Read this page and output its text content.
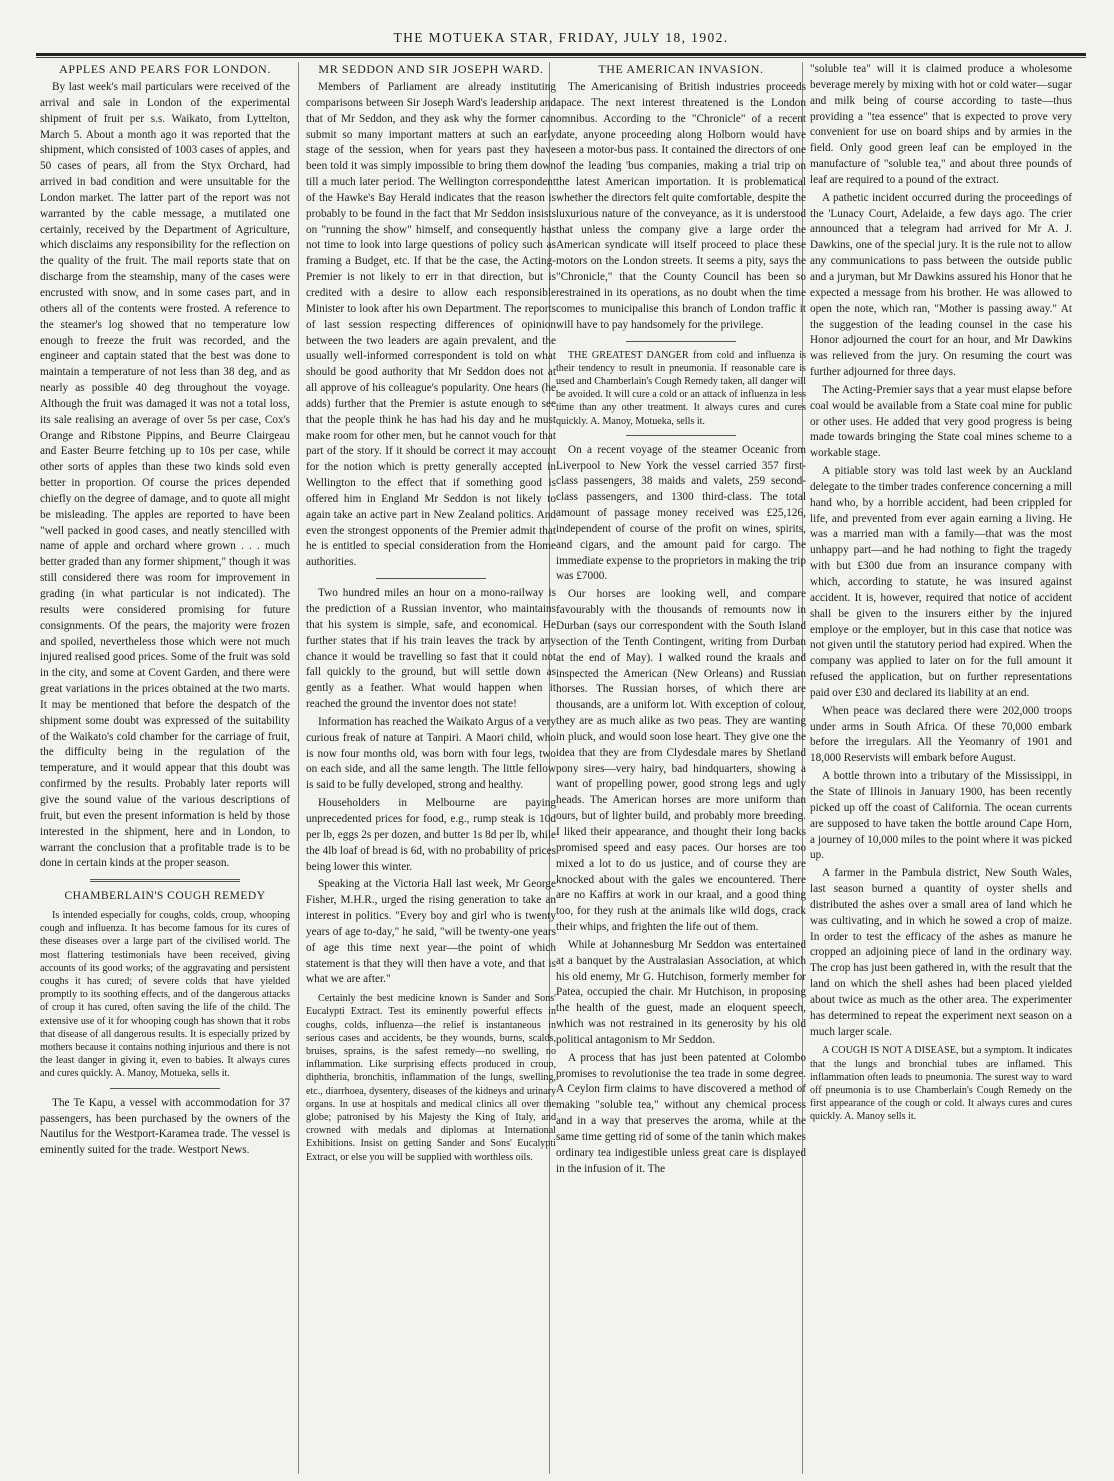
THE MOTUEKA STAR, FRIDAY, JULY 18, 1902.
APPLES AND PEARS FOR LONDON.

By last week's mail particulars were received of the arrival and sale in London of the experimental shipment of fruit per s.s. Waikato, from Lyttelton, March 5. About a month ago it was reported that the shipment, which consisted of 1003 cases of apples, and 50 cases of pears, all from the Styx Orchard, had arrived in bad condition and were unsuitable for the London market. The latter part of the report was not warranted by the cable message, a mutilated one certainly, received by the Department of Agriculture, which disclaims any responsibility for the reflection on the quality of the fruit. The mail reports state that on discharge from the steamship, many of the cases were encrusted with snow, and in some cases part, and in others all of the contents were frosted. A reference to the steamer's log showed that no temperature low enough to freeze the fruit was recorded, and the engineer and captain stated that the best was done to maintain a temperature of not less than 38 deg, and as nearly as possible 40 deg throughout the voyage. Although the fruit was damaged it was not a total loss, its sale realising an average of over 5s per case, Cox's Orange and Ribstone Pippins, and Beurre Clairgeau and Easter Beurre fetching up to 10s per case, while other sorts of apples than these two kinds sold even better in proportion. Of course the prices depended chiefly on the degree of damage, and to quote all might be misleading. The apples are reported to have been "well packed in good cases, and neatly stencilled with name of apple and orchard where grown . . . much better graded than any former shipment," though it was still considered there was room for improvement in grading (in what particular is not indicated). The results were considered promising for future consignments. Of the pears, the majority were frozen and spoiled, nevertheless those which were not much injured realised good prices. Some of the fruit was sold in the city, and some at Covent Garden, and there were great variations in the prices obtained at the two marts. It may be mentioned that before the despatch of the shipment some doubt was expressed of the suitability of the Waikato's cold chamber for the carriage of fruit, the difficulty being in the regulation of the temperature, and it would appear that this doubt was confirmed by the results. Probably later reports will give the sound value of the various descriptions of fruit, but even the present information is held by those interested in the shipment, here and in London, to warrant the conclusion that a profitable trade is to be done in certain kinds at the proper season.

CHAMBERLAIN'S COUGH REMEDY

Is intended especially for coughs, colds, croup, whooping cough and influenza. It has become famous for its cures of these diseases over a large part of the civilised world. The most flattering testimonials have been received, giving accounts of its good works; of the aggravating and persistent coughs it has cured; of severe colds that have yielded promptly to its soothing effects, and of the dangerous attacks of croup it has cured, often saving the life of the child. The extensive use of it for whooping cough has shown that it robs that disease of all dangerous results. It is especially prized by mothers because it contains nothing injurious and there is not the least danger in giving it, even to babies. It always cures and cures quickly. A. Manoy, Motueka, sells it.

The Te Kapu, a vessel with accommodation for 37 passengers, has been purchased by the owners of the Nautilus for the Westport-Karamea trade. The vessel is eminently suited for the trade. Westport News.

MR SEDDON AND SIR JOSEPH WARD.

Members of Parliament are already instituting comparisons between Sir Joseph Ward's leadership and that of Mr Seddon, and they ask why the former can submit so many important matters at such an early stage of the session, when for years past they have been told it was simply impossible to bring them down till a much later period. The Wellington correspondent of the Hawke's Bay Herald indicates that the reason is probably to be found in the fact that Mr Seddon insists on "running the show" himself, and consequently has not time to look into large questions of policy such as framing a Budget, etc. If that be the case, the Acting-Premier is not likely to err in that direction, but is credited with a desire to allow each responsible Minister to look after his own Department. The reports of last session respecting differences of opinion between the two leaders are again prevalent, and the usually well-informed correspondent is told on what should be good authority that Mr Seddon does not at all approve of his colleague's popularity. One hears (he adds) further that the Premier is astute enough to see that the people think he has had his day and he must make room for other men, but he cannot vouch for that part of the story. If it should be correct it may account for the notion which is pretty generally accepted in Wellington to the effect that if something good is offered him in England Mr Seddon is not likely to again take an active part in New Zealand politics. And even the strongest opponents of the Premier admit that he is entitled to special consideration from the Home authorities.

Two hundred miles an hour on a mono-railway is the prediction of a Russian inventor, who maintains that his system is simple, safe, and economical. He further states that if his train leaves the track by any chance it would be travelling so fast that it could not fall quickly to the ground, but will settle down as gently as a feather. What would happen when it reached the ground the inventor does not state!

Information has reached the Waikato Argus of a very curious freak of nature at Tanpiri. A Maori child, who is now four months old, was born with four legs, two on each side, and all the same length. The little fellow is said to be fully developed, strong and healthy.

Householders in Melbourne are paying unprecedented prices for food, e.g., rump steak is 10d per lb, eggs 2s per dozen, and butter 1s 8d per lb, while the 4lb loaf of bread is 6d, with no probability of prices being lower this winter.

Speaking at the Victoria Hall last week, Mr George Fisher, M.H.R., urged the rising generation to take an interest in politics. "Every boy and girl who is twenty years of age to-day," he said, "will be twenty-one years of age this time next year—the point of which statement is that they will then have a vote, and that is what we are after."

Certainly the best medicine known is Sander and Sons' Eucalypti Extract. Test its eminently powerful effects in coughs, colds, influenza—the relief is instantaneous in serious cases and accidents, be they wounds, burns, scalds, bruises, sprains, is the safest remedy—no swelling, no inflammation. Like surprising effects produced in croup, diphtheria, bronchitis, inflammation of the lungs, swelling, etc., diarrhoea, dysentery, diseases of the kidneys and urinary organs. In use at hospitals and medical clinics all over the globe; patronised by his Majesty the King of Italy, and crowned with medals and diplomas at International Exhibitions. Insist on getting Sander and Sons' Eucalypti Extract, or else you will be supplied with worthless oils.

THE AMERICAN INVASION.

The Americanising of British industries proceeds apace. The next interest threatened is the London omnibus. According to the "Chronicle" of a recent date, anyone proceeding along Holborn would have seen a motor-bus pass. It contained the directors of one of the leading 'bus companies, making a trial trip on the latest American importation. It is problematical whether the directors felt quite comfortable, despite the luxurious nature of the conveyance, as it is understood that unless the company give a large order the American syndicate will itself proceed to place these motors on the London streets. It seems a pity, says the "Chronicle," that the County Council has been so restrained in its operations, as no doubt when the time comes to municipalise this branch of London traffic it will have to pay handsomely for the privilege.

THE GREATEST DANGER from cold and influenza is their tendency to result in pneumonia. If reasonable care is used and Chamberlain's Cough Remedy taken, all danger will be avoided. It will cure a cold or an attack of influenza in less time than any other treatment. It always cures and cures quickly. A. Manoy, Motueka, sells it.

On a recent voyage of the steamer Oceanic from Liverpool to New York the vessel carried 357 first-class passengers, 38 maids and valets, 259 second-class passengers, and 1300 third-class. The total amount of passage money received was £25,126, independent of course of the profit on wines, spirits, and cigars, and the amount paid for cargo. The immediate expense to the proprietors in making the trip was £7000.

Our horses are looking well, and compare favourably with the thousands of remounts now in Durban (says our correspondent with the South Island section of the Tenth Contingent, writing from Durban at the end of May). I walked round the kraals and inspected the American (New Orleans) and Russian horses. The Russian horses, of which there are thousands, are a uniform lot. With exception of colour, they are as much alike as two peas. They are wanting in pluck, and would soon lose heart. They give one the idea that they are from Clydesdale mares by Shetland pony sires—very hairy, bad hindquarters, showing a want of propelling power, good strong legs and ugly heads. The American horses are more uniform than ours, but of lighter build, and probably more breeding. I liked their appearance, and thought their long backs promised speed and easy paces. Our horses are too mixed a lot to do us justice, and of course they are knocked about with the gales we encountered. There are no Kaffirs at work in our kraal, and a good thing too, for they rush at the animals like wild dogs, crack their whips, and frighten the life out of them.

While at Johannesburg Mr Seddon was entertained at a banquet by the Australasian Association, at which his old enemy, Mr G. Hutchison, formerly member for Patea, occupied the chair. Mr Hutchison, in proposing the health of the guest, made an eloquent speech, which was not restrained in its generosity by his old political antagonism to Mr Seddon.

A process that has just been patented at Colombo promises to revolutionise the tea trade in some degree. A Ceylon firm claims to have discovered a method of making "soluble tea," without any chemical process and in a way that preserves the aroma, while at the same time getting rid of some of the tanin which makes ordinary tea indigestible unless great care is displayed in the infusion of it. The

"soluble tea" will it is claimed produce a wholesome beverage merely by mixing with hot or cold water—sugar and milk being of course according to taste—thus providing a "tea essence" that is expected to prove very convenient for use on board ships and by armies in the field. Only good green leaf can be employed in the manufacture of "soluble tea," and about three pounds of leaf are required to a pound of the extract.

A pathetic incident occurred during the proceedings of the 'Lunacy Court, Adelaide, a few days ago. The crier announced that a telegram had arrived for Mr A. J. Dawkins, one of the special jury. It is the rule not to allow any communications to pass between the outside public and a juryman, but Mr Dawkins assured his Honor that he expected a message from his brother. He was allowed to open the note, which ran, "Mother is passing away." At the suggestion of the leading counsel in the case his Honor adjourned the court for an hour, and Mr Dawkins was relieved from the jury. On resuming the court was further adjourned for three days.

The Acting-Premier says that a year must elapse before coal would be available from a State coal mine for public or other uses. He added that very good progress is being made towards bringing the State coal mines scheme to a workable stage.

A pitiable story was told last week by an Auckland delegate to the timber trades conference concerning a mill hand who, by a horrible accident, had been crippled for life, and prevented from ever again earning a living. He was a married man with a family—that was the most unhappy part—and he had nothing to fight the tragedy with but £300 due from an insurance company with which, according to statute, he was insured against accident. It is, however, required that notice of accident shall be given to the insurers either by the injured employe or the employer, but in this case that notice was not given until the statutory period had expired. When the company was applied to later on for the full amount it refused the application, but on further representations paid over £30 and declared its liability at an end.

When peace was declared there were 202,000 troops under arms in South Africa. Of these 70,000 embark before the irregulars. All the Yeomanry of 1901 and 18,000 Reservists will embark before August.

A bottle thrown into a tributary of the Mississippi, in the State of Illinois in January 1900, has been recently picked up off the coast of California. The ocean currents are supposed to have taken the bottle around Cape Horn, a journey of 10,000 miles to the point where it was picked up.

A farmer in the Pambula district, New South Wales, last season burned a quantity of oyster shells and distributed the ashes over a small area of land which he was cultivating, and in which he sowed a crop of maize. In order to test the efficacy of the ashes as manure he cropped an adjoining piece of land in the ordinary way. The crop has just been gathered in, with the result that the land on which the shell ashes had been placed yielded about twice as much as the other area. The experimenter has determined to repeat the experiment next season on a much larger scale.

A COUGH IS NOT A DISEASE, but a symptom. It indicates that the lungs and bronchial tubes are inflamed. This inflammation often leads to pneumonia. The surest way to ward off pneumonia is to use Chamberlain's Cough Remedy on the first appearance of the cough or cold. It always cures and cures quickly. A. Manoy sells it.
